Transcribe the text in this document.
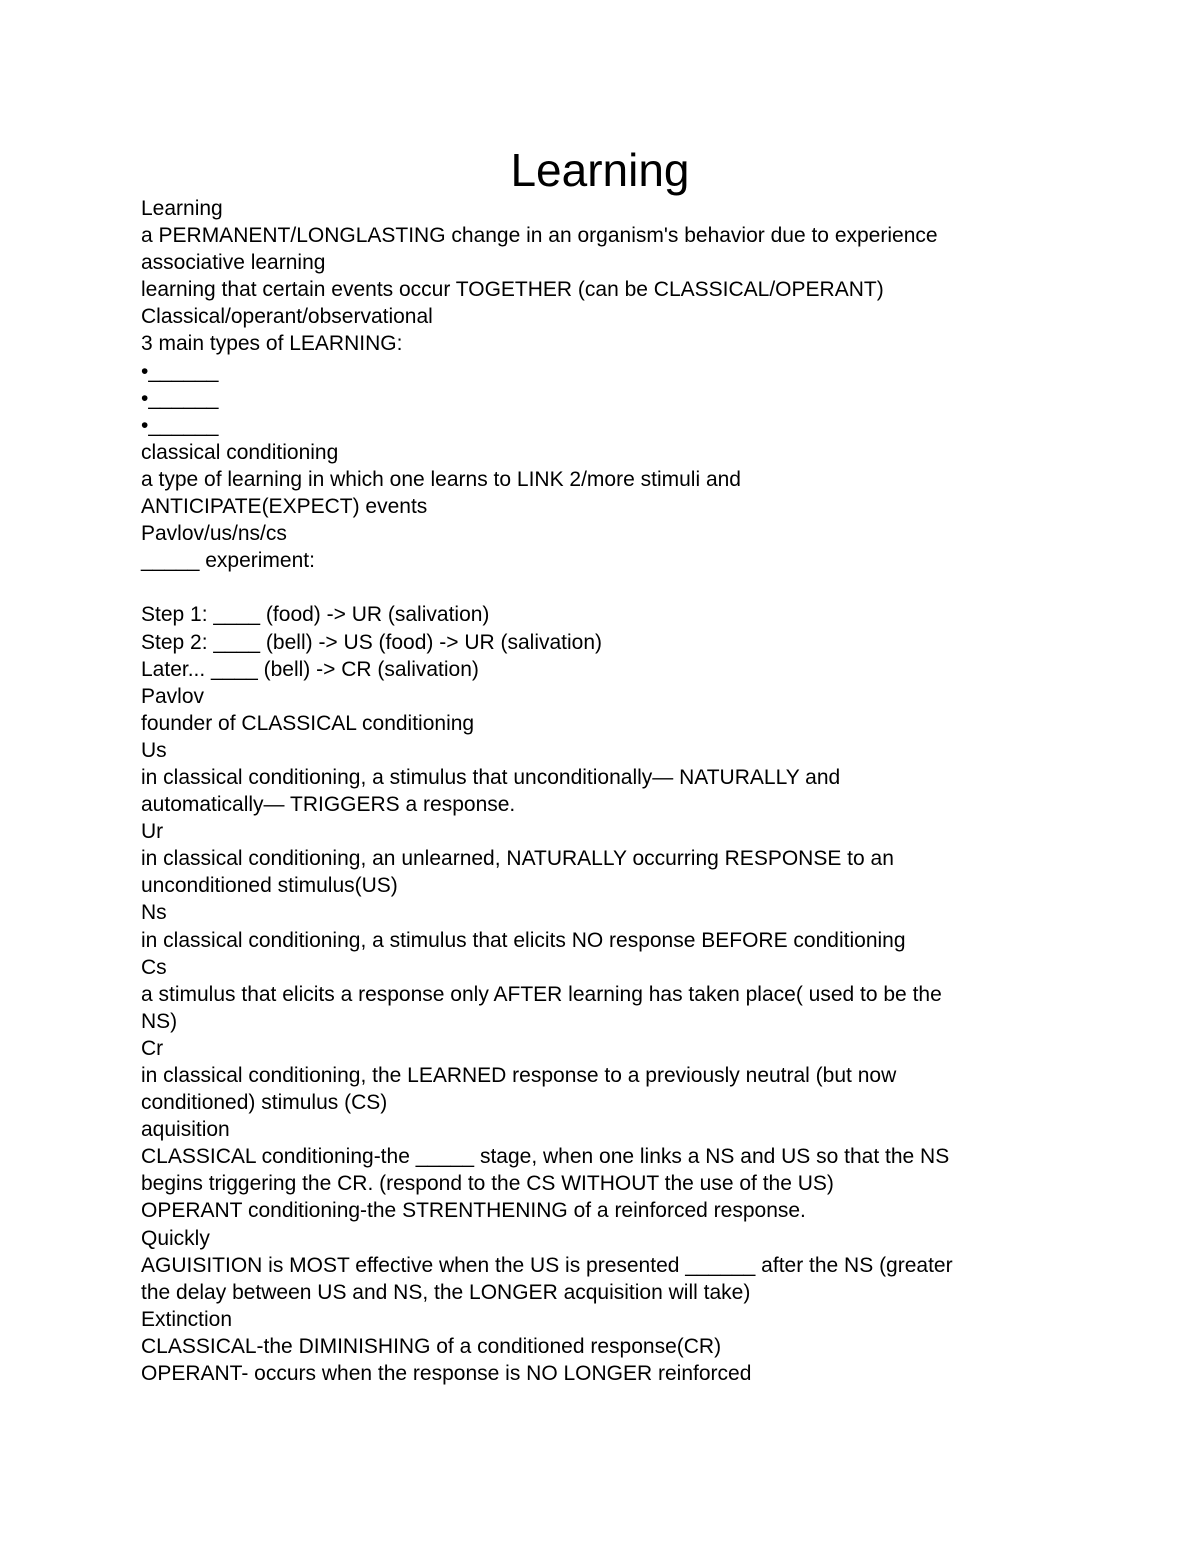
Learning
Learning
a PERMANENT/LONGLASTING change in an organism's behavior due to experience
associative learning
learning that certain events occur TOGETHER (can be CLASSICAL/OPERANT)
Classical/operant/observational
3 main types of LEARNING:
•______
•______
•______
classical conditioning
a type of learning in which one learns to LINK 2/more stimuli and
ANTICIPATE(EXPECT) events
Pavlov/us/ns/cs
_____ experiment:
Step 1: ____ (food) -> UR (salivation)
Step 2: ____ (bell) -> US (food) -> UR (salivation)
Later... ____ (bell) -> CR (salivation)
Pavlov
founder of CLASSICAL conditioning
Us
in classical conditioning, a stimulus that unconditionally— NATURALLY and
automatically— TRIGGERS a response.
Ur
in classical conditioning, an unlearned, NATURALLY occurring RESPONSE to an
unconditioned stimulus(US)
Ns
in classical conditioning, a stimulus that elicits NO response BEFORE conditioning
Cs
a stimulus that elicits a response only AFTER learning has taken place( used to be the
NS)
Cr
in classical conditioning, the LEARNED response to a previously neutral (but now
conditioned) stimulus (CS)
aquisition
CLASSICAL conditioning-the _____ stage, when one links a NS and US so that the NS
begins triggering the CR. (respond to the CS WITHOUT the use of the US)
OPERANT conditioning-the STRENTHENING of a reinforced response.
Quickly
AGUISITION is MOST effective when the US is presented ______ after the NS (greater
the delay between US and NS, the LONGER acquisition will take)
Extinction
CLASSICAL-the DIMINISHING of a conditioned response(CR)
OPERANT- occurs when the response is NO LONGER reinforced
